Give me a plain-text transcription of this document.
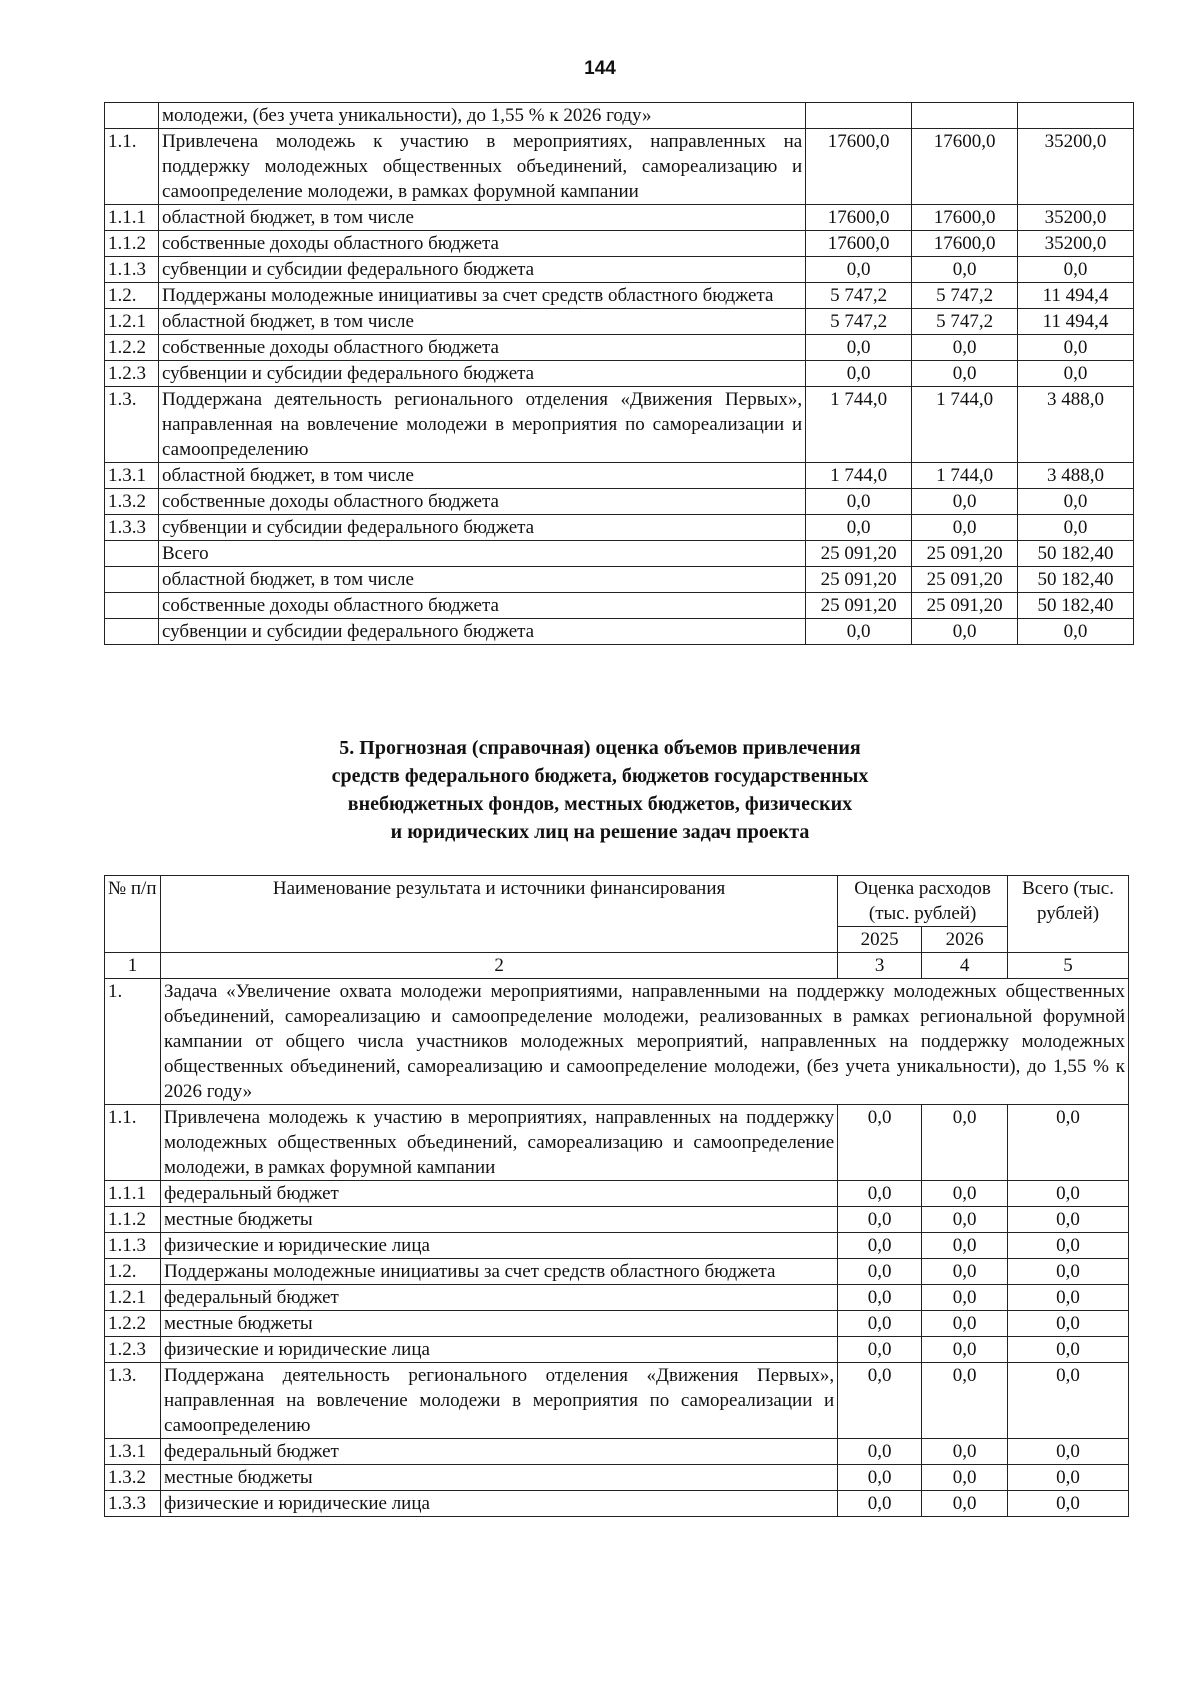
144
	молодежи, (без учета уникальности), до 1,55 % к 2026 году»			
1.1.	Привлечена молодежь к участию в мероприятиях, направленных на поддержку молодежных общественных объединений, самореализацию и самоопределение молодежи, в рамках форумной кампании	17600,0	17600,0	35200,0
1.1.1	областной бюджет, в том числе	17600,0	17600,0	35200,0
1.1.2	собственные доходы областного бюджета	17600,0	17600,0	35200,0
1.1.3	субвенции и субсидии федерального бюджета	0,0	0,0	0,0
1.2.	Поддержаны молодежные инициативы за счет средств областного бюджета	5 747,2	5 747,2	11 494,4
1.2.1	областной бюджет, в том числе	5 747,2	5 747,2	11 494,4
1.2.2	собственные доходы областного бюджета	0,0	0,0	0,0
1.2.3	субвенции и субсидии федерального бюджета	0,0	0,0	0,0
1.3.	Поддержана деятельность регионального отделения «Движения Первых», направленная на вовлечение молодежи в мероприятия по самореализации и самоопределению	1 744,0	1 744,0	3 488,0
1.3.1	областной бюджет, в том числе	1 744,0	1 744,0	3 488,0
1.3.2	собственные доходы областного бюджета	0,0	0,0	0,0
1.3.3	субвенции и субсидии федерального бюджета	0,0	0,0	0,0
	Всего	25 091,20	25 091,20	50 182,40
	областной бюджет, в том числе	25 091,20	25 091,20	50 182,40
	собственные доходы областного бюджета	25 091,20	25 091,20	50 182,40
	субвенции и субсидии федерального бюджета	0,0	0,0	0,0
5. Прогнозная (справочная) оценка объемов привлечения
средств федерального бюджета, бюджетов государственных
внебюджетных фондов, местных бюджетов, физических
и юридических лиц на решение задач проекта
№ п/п	Наименование результата и источники финансирования	Оценка расходов (тыс. рублей)		Всего (тыс. рублей)
		2025	2026	
1	2	3	4	5
1.	Задача «Увеличение охвата молодежи мероприятиями, направленными на поддержку молодежных общественных объединений, самореализацию и самоопределение молодежи, реализованных в рамках региональной форумной кампании от общего числа участников молодежных мероприятий, направленных на поддержку молодежных общественных объединений, самореализацию и самоопределение молодежи, (без учета уникальности), до 1,55 % к 2026 году»			
1.1.	Привлечена молодежь к участию в мероприятиях, направленных на поддержку молодежных общественных объединений, самореализацию и самоопределение молодежи, в рамках форумной кампании	0,0	0,0	0,0
1.1.1	федеральный бюджет	0,0	0,0	0,0
1.1.2	местные бюджеты	0,0	0,0	0,0
1.1.3	физические и юридические лица	0,0	0,0	0,0
1.2.	Поддержаны молодежные инициативы за счет средств областного бюджета	0,0	0,0	0,0
1.2.1	федеральный бюджет	0,0	0,0	0,0
1.2.2	местные бюджеты	0,0	0,0	0,0
1.2.3	физические и юридические лица	0,0	0,0	0,0
1.3.	Поддержана деятельность регионального отделения «Движения Первых», направленная на вовлечение молодежи в мероприятия по самореализации и самоопределению	0,0	0,0	0,0
1.3.1	федеральный бюджет	0,0	0,0	0,0
1.3.2	местные бюджеты	0,0	0,0	0,0
1.3.3	физические и юридические лица	0,0	0,0	0,0
